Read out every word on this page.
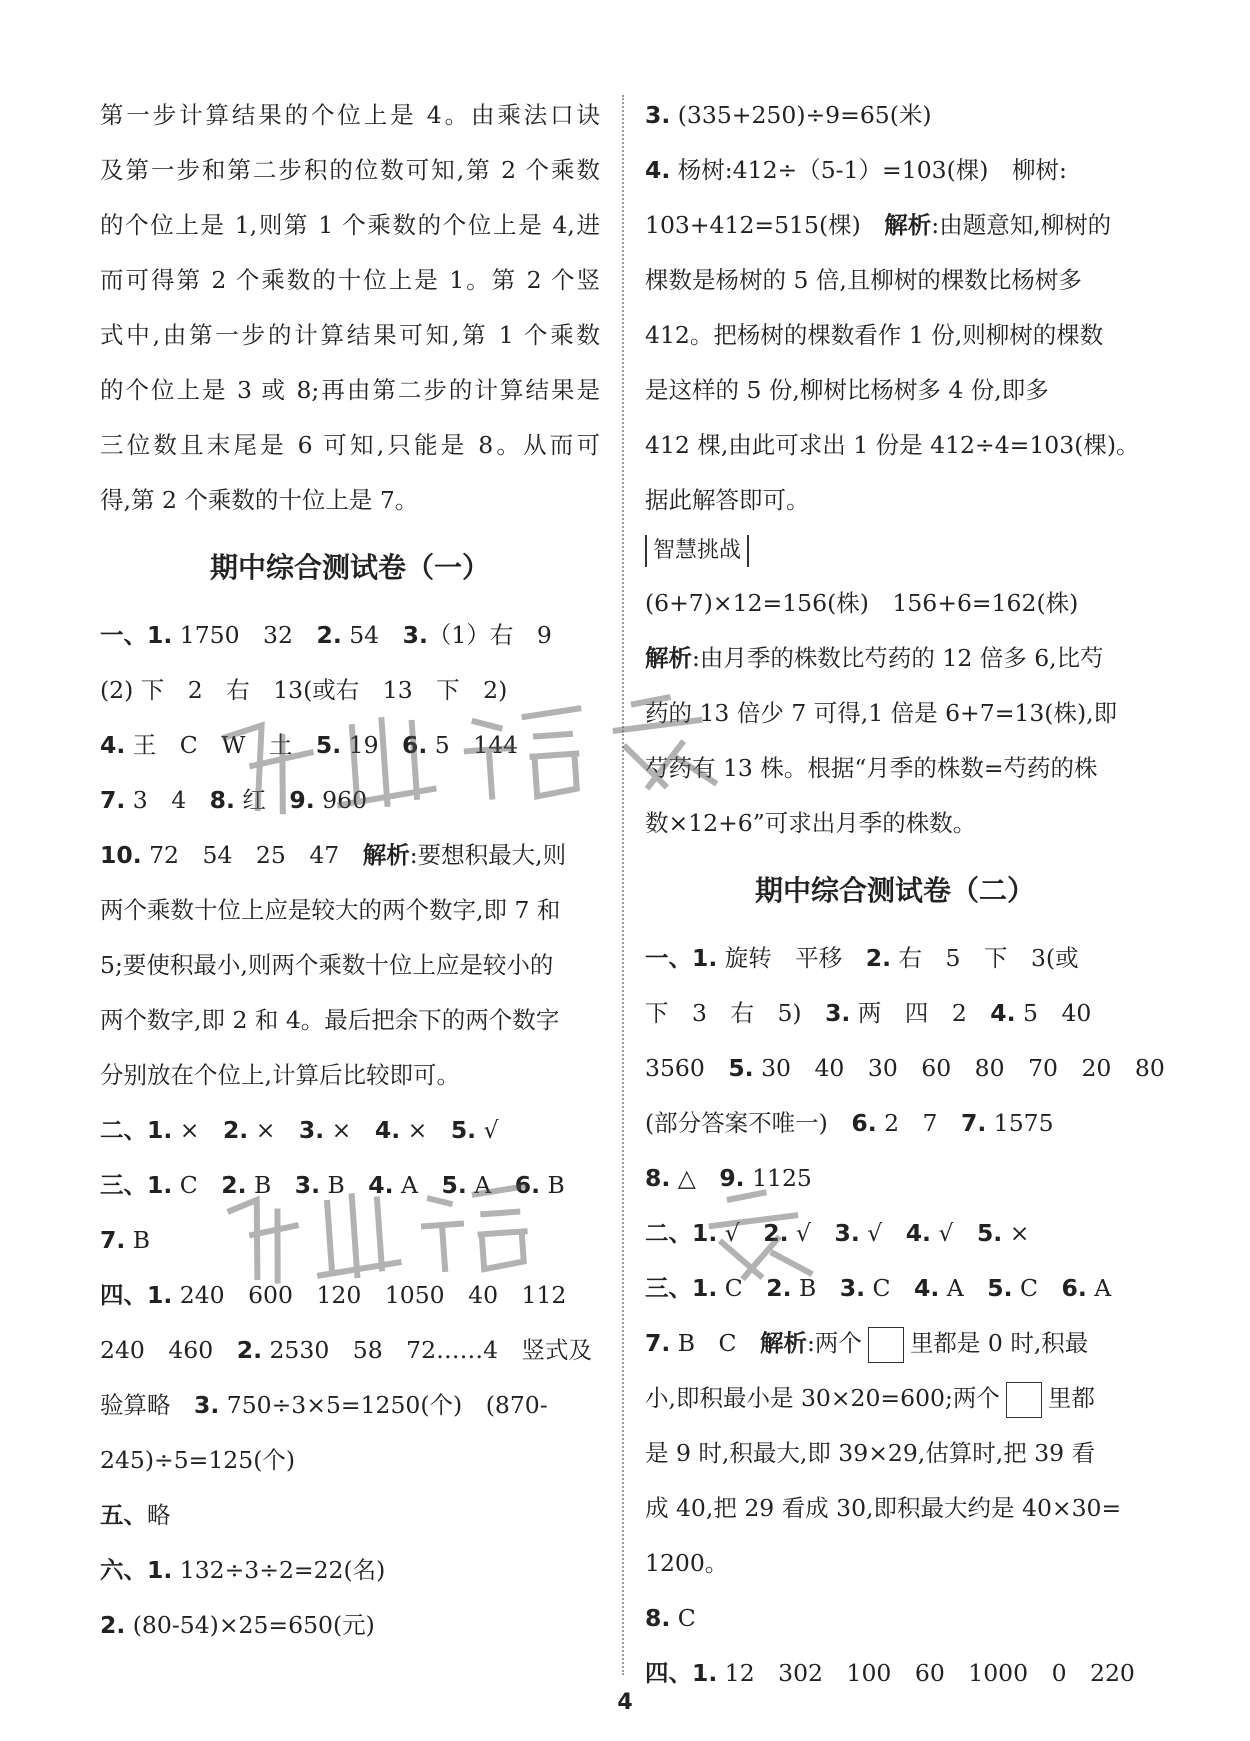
第一步计算结果的个位上是 4。由乘法口诀
及第一步和第二步积的位数可知,第 2 个乘数
的个位上是 1,则第 1 个乘数的个位上是 4,进
而可得第 2 个乘数的十位上是 1。第 2 个竖
式中,由第一步的计算结果可知,第 1 个乘数
的个位上是 3 或 8;再由第二步的计算结果是
三位数且末尾是 6 可知,只能是 8。从而可
得,第 2 个乘数的十位上是 7。
期中综合测试卷（一）
一、1. 1750　32　2. 54　3.（1）右　9
(2) 下　2　右　13(或右　13　下　2)
4. 王　C　W　土　5. 19　6. 5　144
7. 3　4　8. 红　9. 960
10. 72　54　25　47　解析:要想积最大,则
两个乘数十位上应是较大的两个数字,即 7 和
5;要使积最小,则两个乘数十位上应是较小的
两个数字,即 2 和 4。最后把余下的两个数字
分别放在个位上,计算后比较即可。
二、1. ×　2. ×　3. ×　4. ×　5. √
三、1. C　2. B　3. B　4. A　5. A　6. B
7. B
四、1. 240　600　120　1050　40　112
240　460　2. 2530　58　72……4　竖式及
验算略　3. 750÷3×5=1250(个)　(870-
245)÷5=125(个)
五、略
六、1. 132÷3÷2=22(名)
2. (80-54)×25=650(元)
3. (335+250)÷9=65(米)
4. 杨树:412÷（5-1）=103(棵)　柳树:
103+412=515(棵)　解析:由题意知,柳树的
棵数是杨树的 5 倍,且柳树的棵数比杨树多
412。把杨树的棵数看作 1 份,则柳树的棵数
是这样的 5 份,柳树比杨树多 4 份,即多
412 棵,由此可求出 1 份是 412÷4=103(棵)。
据此解答即可。
智慧挑战
(6+7)×12=156(株)　156+6=162(株)
解析:由月季的株数比芍药的 12 倍多 6,比芍
药的 13 倍少 7 可得,1 倍是 6+7=13(株),即
芍药有 13 株。根据“月季的株数=芍药的株
数×12+6”可求出月季的株数。
期中综合测试卷（二）
一、1. 旋转　平移　2. 右　5　下　3(或
下　3　右　5)　3. 两　四　2　4. 5　40
3560　5. 30　40　30　60　80　70　20　80
(部分答案不唯一)　6. 2　7　7. 1575
8. △　9. 1125
二、1. √　2. √　3. √　4. √　5. ×
三、1. C　2. B　3. C　4. A　5. C　6. A
7. B　C　解析:两个 里都是 0 时,积最
小,即积最小是 30×20=600;两个 里都
是 9 时,积最大,即 39×29,估算时,把 39 看
成 40,把 29 看成 30,即积最大约是 40×30=
1200。
8. C
四、1. 12　302　100　60　1000　0　220
4
